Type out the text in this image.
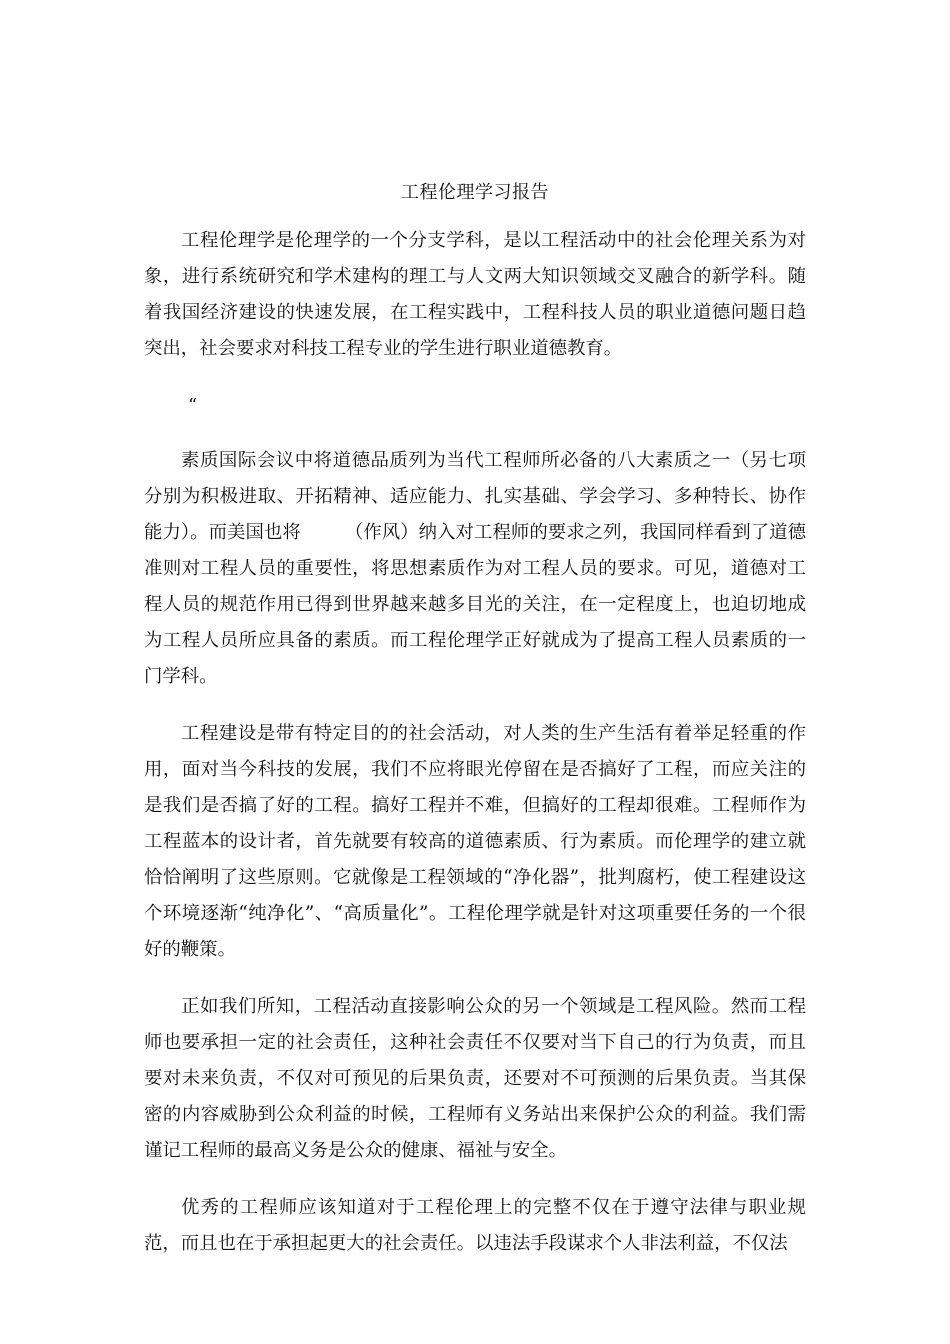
工程伦理学习报告

工程伦理学是伦理学的一个分支学科，是以工程活动中的社会伦理关系为对象，进行系统研究和学术建构的理工与人文两大知识领域交叉融合的新学科。随着我国经济建设的快速发展，在工程实践中，工程科技人员的职业道德问题日趋突出，社会要求对科技工程专业的学生进行职业道德教育。

“

素质国际会议中将道德品质列为当代工程师所必备的八大素质之一（另七项分别为积极进取、开拓精神、适应能力、扎实基础、学会学习、多种特长、协作能力）。而美国也将 （作风）纳入对工程师的要求之列，我国同样看到了道德准则对工程人员的重要性，将思想素质作为对工程人员的要求。可见，道德对工程人员的规范作用已得到世界越来越多目光的关注，在一定程度上，也迫切地成为工程人员所应具备的素质。而工程伦理学正好就成为了提高工程人员素质的一门学科。

工程建设是带有特定目的的社会活动，对人类的生产生活有着举足轻重的作用，面对当今科技的发展，我们不应将眼光停留在是否搞好了工程，而应关注的是我们是否搞了好的工程。搞好工程并不难，但搞好的工程却很难。工程师作为工程蓝本的设计者，首先就要有较高的道德素质、行为素质。而伦理学的建立就恰恰阐明了这些原则。它就像是工程领域的“净化器”，批判腐朽，使工程建设这个环境逐渐“纯净化”、“高质量化”。工程伦理学就是针对这项重要任务的一个很好的鞭策。

正如我们所知，工程活动直接影响公众的另一个领域是工程风险。然而工程师也要承担一定的社会责任，这种社会责任不仅要对当下自己的行为负责，而且要对未来负责，不仅对可预见的后果负责，还要对不可预测的后果负责。当其保密的内容威胁到公众利益的时候，工程师有义务站出来保护公众的利益。我们需谨记工程师的最高义务是公众的健康、福祉与安全。

优秀的工程师应该知道对于工程伦理上的完整不仅在于遵守法律与职业规范，而且也在于承担起更大的社会责任。以违法手段谋求个人非法利益，不仅法
